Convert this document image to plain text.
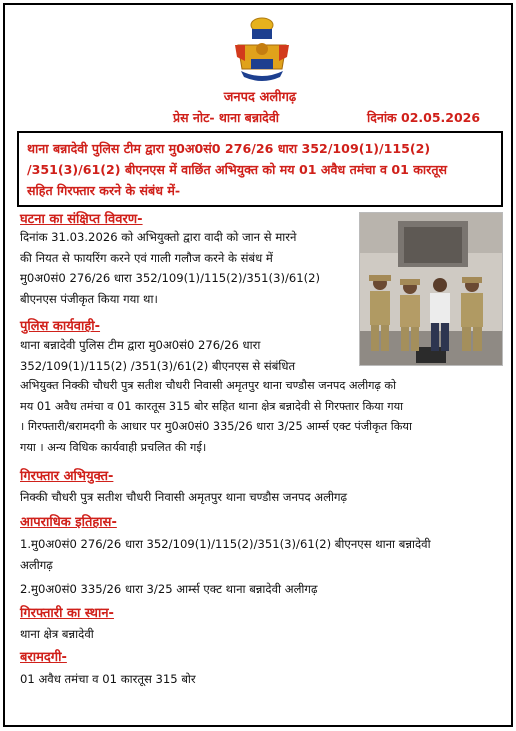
जनपद अलीगढ़
प्रेस नोट- थाना बन्नादेवी	दिनांक 02.05.2026
थाना बन्नादेवी पुलिस टीम द्वारा मु0अ0सं0 276/26 धारा 352/109(1)/115(2)
/351(3)/61(2) बीएनएस में वाछिंत अभियुक्त को मय 01 अवैध तमंचा व 01 कारतूस
सहित गिरफ्तार करने के संबंध में-
घटना का संक्षिप्त विवरण-
दिनांक 31.03.2026 को अभियुक्तो द्वारा वादी को जान से मारने
की नियत से फायरिंग करने एवं गाली गलौज करने के संबंध में
मु0अ0सं0 276/26 धारा 352/109(1)/115(2)/351(3)/61(2)
बीएनएस पंजीकृत किया गया था।
पुलिस कार्यवाही-
थाना बन्नादेवी पुलिस टीम द्वारा मु0अ0सं0 276/26 धारा
352/109(1)/115(2) /351(3)/61(2) बीएनएस से संबंधित
अभियुक्त निक्की चौधरी पुत्र सतीश चौधरी निवासी अमृतपुर थाना चण्डौस जनपद अलीगढ़ को
मय 01 अवैध तमंचा व 01 कारतूस 315 बोर सहित थाना क्षेत्र बन्नादेवी से गिरफ्तार किया गया
। गिरफ्तारी/बरामदगी के आधार पर मु0अ0सं0 335/26 धारा 3/25 आर्म्स एक्ट पंजीकृत किया
गया । अन्य विधिक कार्यवाही प्रचलित की गई।
गिरफ्तार अभियुक्त-
निक्की चौधरी पुत्र सतीश चौधरी निवासी अमृतपुर थाना चण्डौस जनपद अलीगढ़
आपराधिक इतिहास-
1.मु0अ0सं0 276/26 धारा 352/109(1)/115(2)/351(3)/61(2) बीएनएस थाना बन्नादेवी
अलीगढ़
2.मु0अ0सं0 335/26 धारा 3/25 आर्म्स एक्ट थाना बन्नादेवी अलीगढ़
गिरफ्तारी का स्थान-
थाना क्षेत्र बन्नादेवी
बरामदगी-
01 अवैध तमंचा व 01 कारतूस 315 बोर
